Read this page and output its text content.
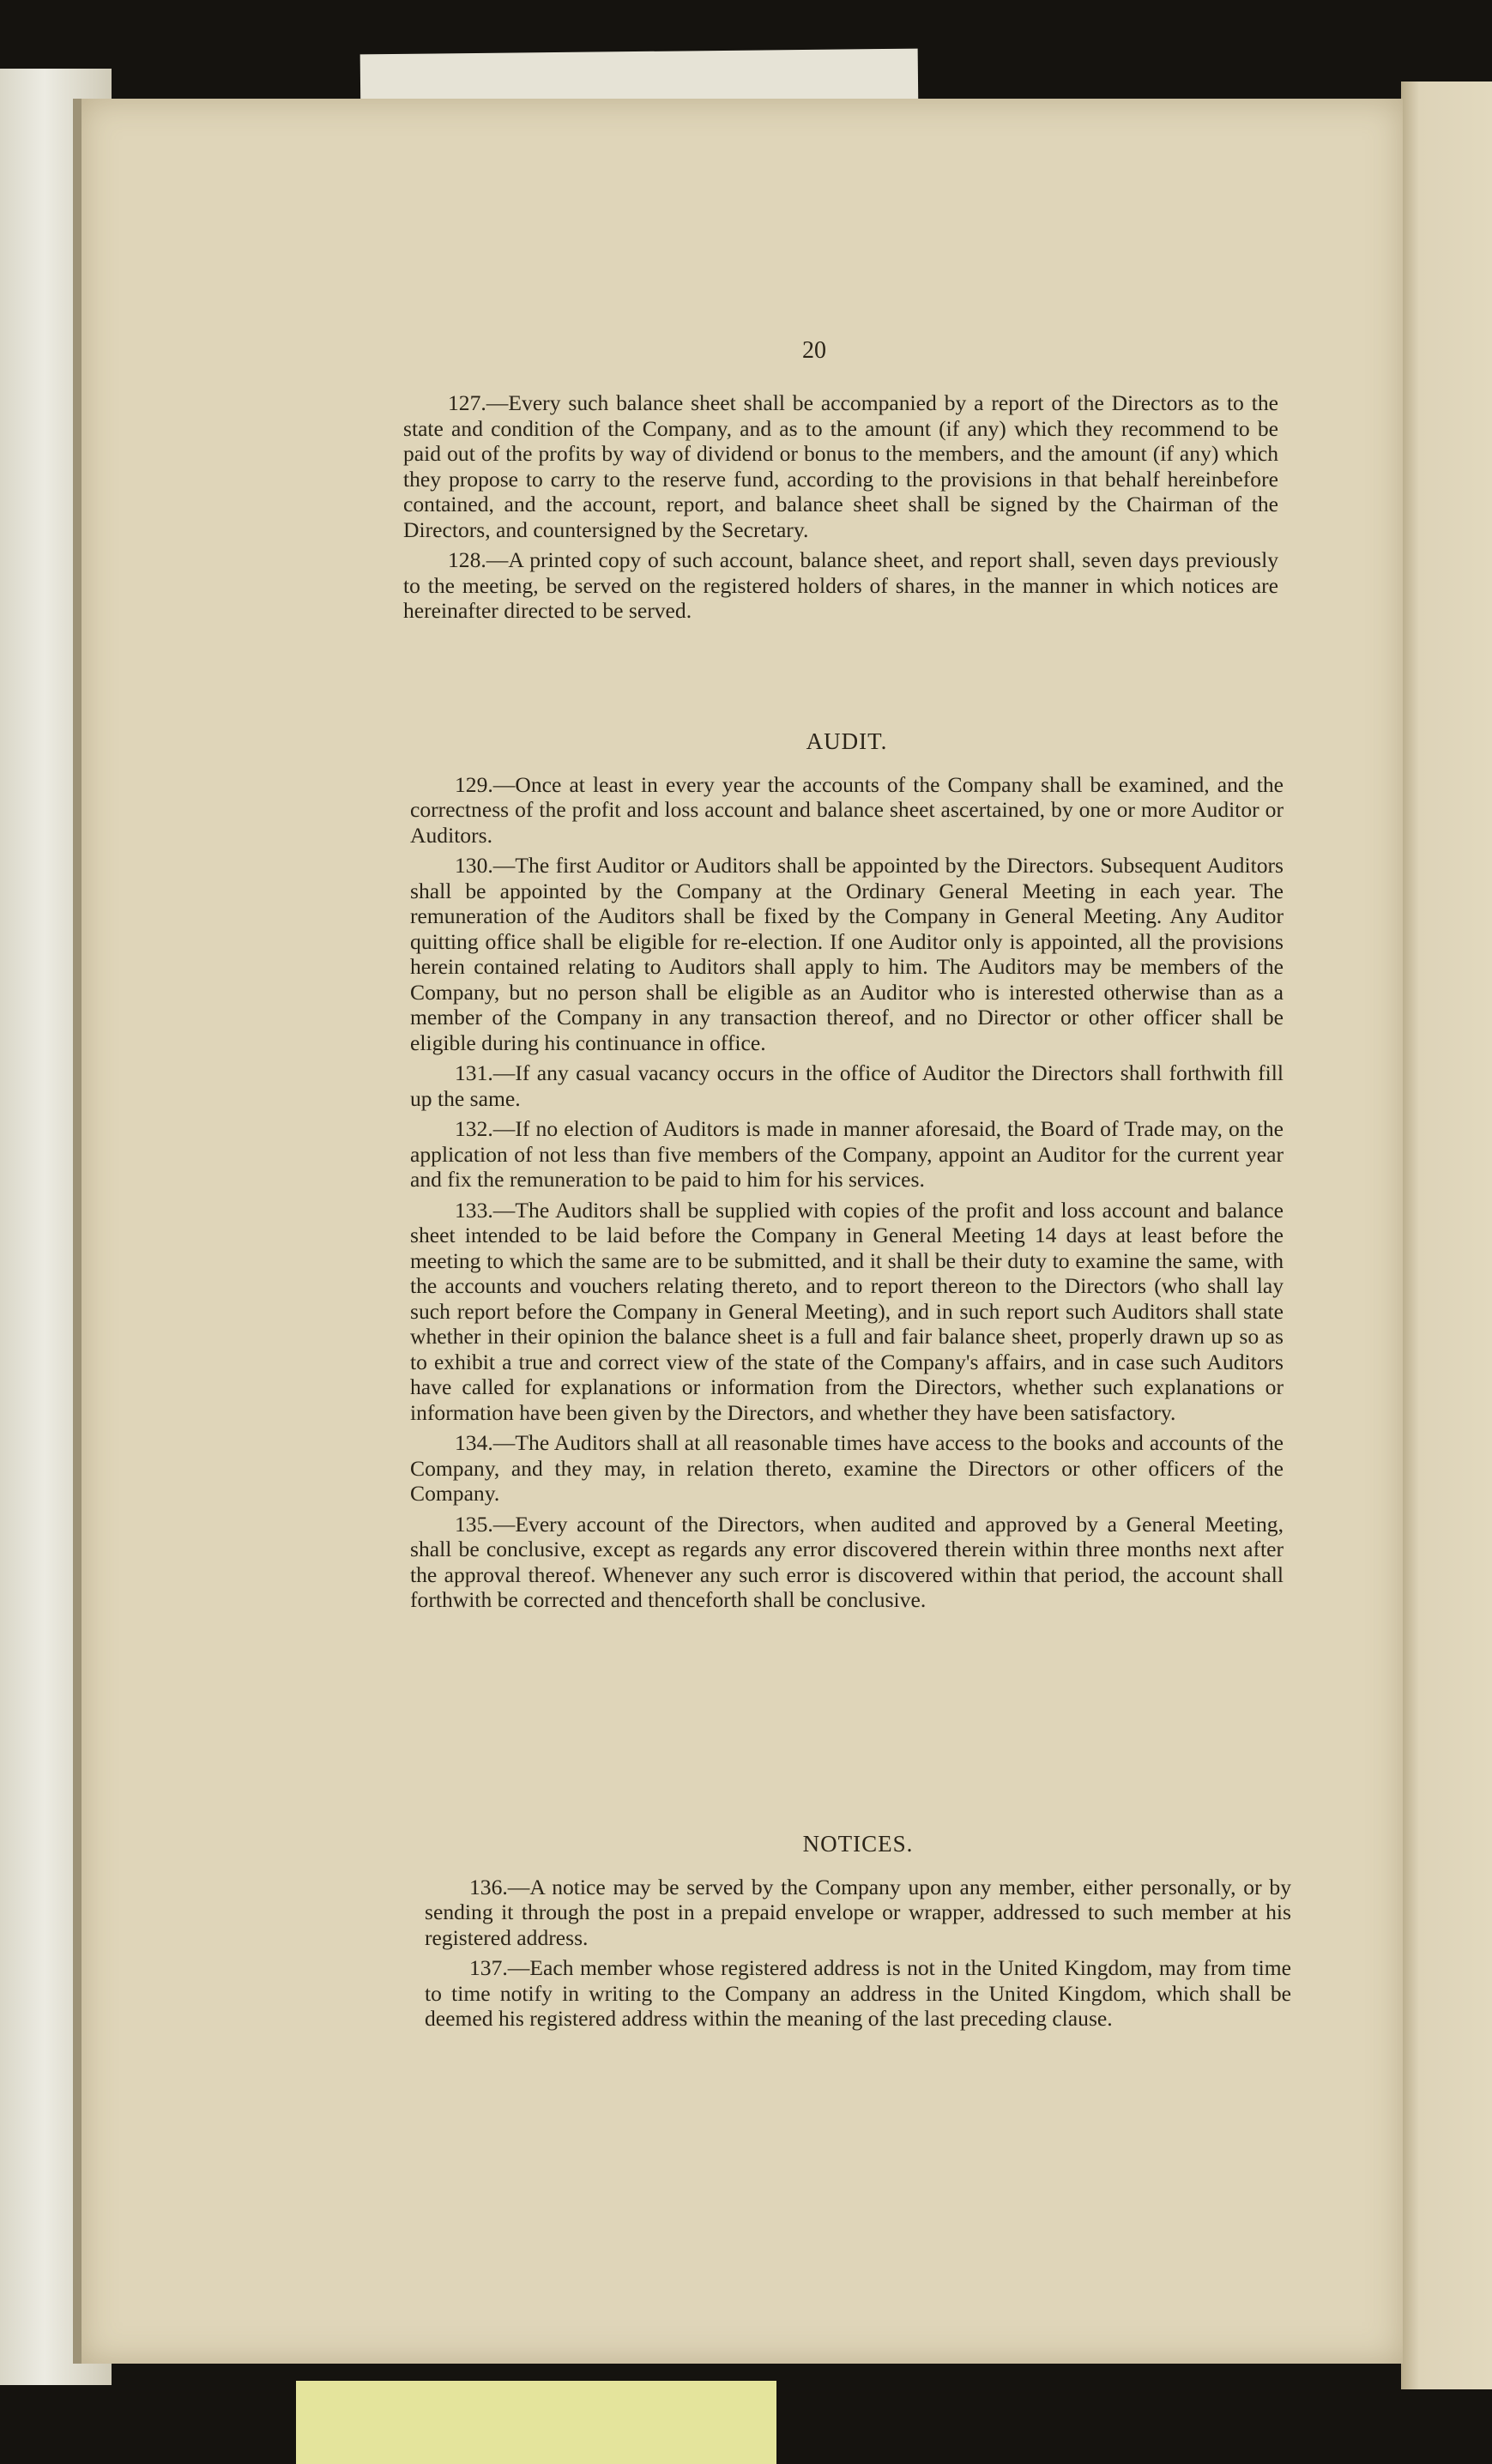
20

127.—Every such balance sheet shall be accompanied by a report of the Directors as to the state and condition of the Company, and as to the amount (if any) which they recommend to be paid out of the profits by way of dividend or bonus to the members, and the amount (if any) which they propose to carry to the reserve fund, according to the provisions in that behalf hereinbefore contained, and the account, report, and balance sheet shall be signed by the Chairman of the Directors, and countersigned by the Secretary.

128.—A printed copy of such account, balance sheet, and report shall, seven days previously to the meeting, be served on the registered holders of shares, in the manner in which notices are hereinafter directed to be served.

AUDIT.

129.—Once at least in every year the accounts of the Company shall be examined, and the correctness of the profit and loss account and balance sheet ascertained, by one or more Auditor or Auditors.

130.—The first Auditor or Auditors shall be appointed by the Directors. Subsequent Auditors shall be appointed by the Company at the Ordinary General Meeting in each year. The remuneration of the Auditors shall be fixed by the Company in General Meeting. Any Auditor quitting office shall be eligible for re-election. If one Auditor only is appointed, all the provisions herein contained relating to Auditors shall apply to him. The Auditors may be members of the Company, but no person shall be eligible as an Auditor who is interested otherwise than as a member of the Company in any transaction thereof, and no Director or other officer shall be eligible during his continuance in office.

131.—If any casual vacancy occurs in the office of Auditor the Directors shall forthwith fill up the same.

132.—If no election of Auditors is made in manner aforesaid, the Board of Trade may, on the application of not less than five members of the Company, appoint an Auditor for the current year and fix the remuneration to be paid to him for his services.

133.—The Auditors shall be supplied with copies of the profit and loss account and balance sheet intended to be laid before the Company in General Meeting 14 days at least before the meeting to which the same are to be submitted, and it shall be their duty to examine the same, with the accounts and vouchers relating thereto, and to report thereon to the Directors (who shall lay such report before the Company in General Meeting), and in such report such Auditors shall state whether in their opinion the balance sheet is a full and fair balance sheet, properly drawn up so as to exhibit a true and correct view of the state of the Company's affairs, and in case such Auditors have called for explanations or information from the Directors, whether such explanations or information have been given by the Directors, and whether they have been satisfactory.

134.—The Auditors shall at all reasonable times have access to the books and accounts of the Company, and they may, in relation thereto, examine the Directors or other officers of the Company.

135.—Every account of the Directors, when audited and approved by a General Meeting, shall be conclusive, except as regards any error discovered therein within three months next after the approval thereof. Whenever any such error is discovered within that period, the account shall forthwith be corrected and thenceforth shall be conclusive.

NOTICES.

136.—A notice may be served by the Company upon any member, either personally, or by sending it through the post in a prepaid envelope or wrapper, addressed to such member at his registered address.

137.—Each member whose registered address is not in the United Kingdom, may from time to time notify in writing to the Company an address in the United Kingdom, which shall be deemed his registered address within the meaning of the last preceding clause.
